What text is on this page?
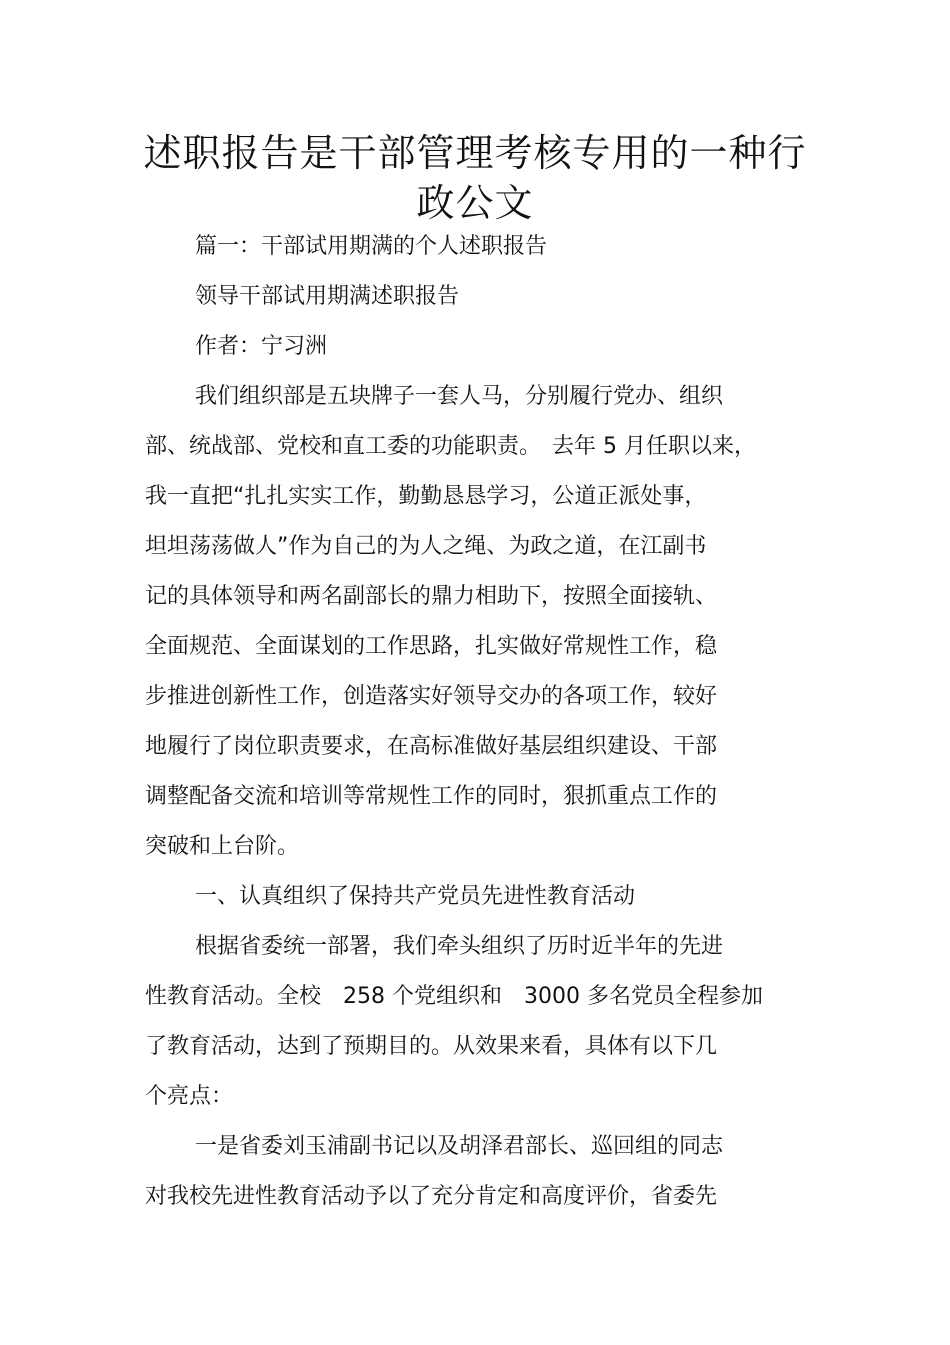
述职报告是干部管理考核专用的一种行
政公文
篇一：干部试用期满的个人述职报告
领导干部试用期满述职报告
作者：宁习洲
我们组织部是五块牌子一套人马，分别履行党办、组织
部、统战部、党校和直工委的功能职责。　去年 5 月任职以来，
我一直把“扎扎实实工作，勤勤恳恳学习，公道正派处事，
坦坦荡荡做人”作为自己的为人之绳、为政之道，在江副书
记的具体领导和两名副部长的鼎力相助下，按照全面接轨、
全面规范、全面谋划的工作思路，扎实做好常规性工作，稳
步推进创新性工作，创造落实好领导交办的各项工作，较好
地履行了岗位职责要求，在高标准做好基层组织建设、干部
调整配备交流和培训等常规性工作的同时，狠抓重点工作的
突破和上台阶。
一、认真组织了保持共产党员先进性教育活动
根据省委统一部署，我们牵头组织了历时近半年的先进
性教育活动。全校　258 个党组织和　3000 多名党员全程参加
了教育活动，达到了预期目的。从效果来看，具体有以下几
个亮点：
一是省委刘玉浦副书记以及胡泽君部长、巡回组的同志
对我校先进性教育活动予以了充分肯定和高度评价，省委先
